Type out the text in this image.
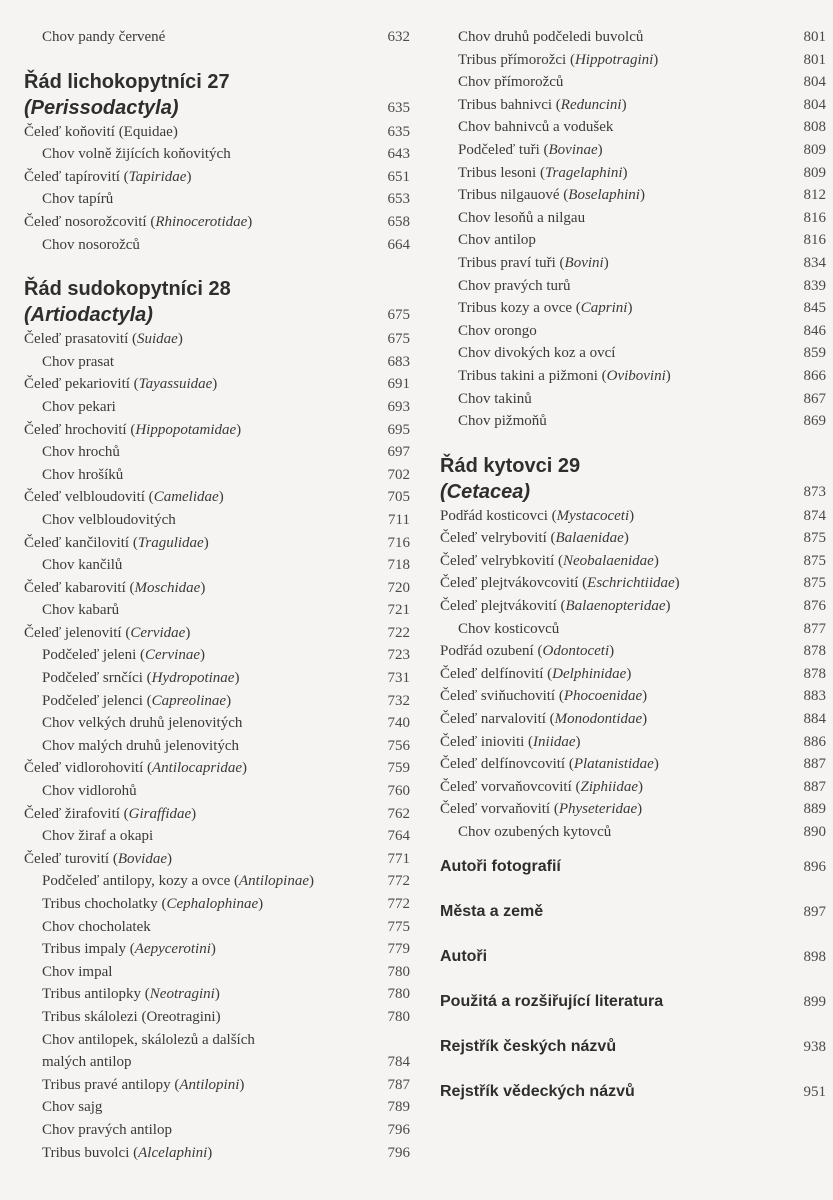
Chov pandy červené	632
Řád lichokopytníci 27
(Perissodactyla)	635
Čeleď koňovití (Equidae)	635
Chov volně žijících koňovitých	643
Čeleď tapírovití (Tapiridae)	651
Chov tapírů	653
Čeleď nosorožcovití (Rhinocerotidae)	658
Chov nosorožců	664
Řád sudokopytníci 28
(Artiodactyla)	675
Čeleď prasatovití (Suidae)	675
Chov prasat	683
Čeleď pekariovití (Tayassuidae)	691
Chov pekari	693
Čeleď hrochovití (Hippopotamidae)	695
Chov hrochů	697
Chov hrošíků	702
Čeleď velbloudovití (Camelidae)	705
Chov velbloudovitých	711
Čeleď kančilovití (Tragulidae)	716
Chov kančilů	718
Čeleď kabarovití (Moschidae)	720
Chov kabarů	721
Čeleď jelenovití (Cervidae)	722
Podčeleď jeleni (Cervinae)	723
Podčeleď srnčíci (Hydropotinae)	731
Podčeleď jelenci (Capreolinae)	732
Chov velkých druhů jelenovitých	740
Chov malých druhů jelenovitých	756
Čeleď vidlorohovití (Antilocapridae)	759
Chov vidlorohů	760
Čeleď žirafovití (Giraffidae)	762
Chov žiraf a okapi	764
Čeleď turovití (Bovidae)	771
Podčeleď antilopy, kozy a ovce (Antilopinae)	772
Tribus chocholatky (Cephalophinae)	772
Chov chocholatek	775
Tribus impaly (Aepycerotini)	779
Chov impal	780
Tribus antilopky (Neotragini)	780
Tribus skálolezi (Oreotragini)	780
Chov antilopek, skálolezů a dalších
malých antilop	784
Tribus pravé antilopy (Antilopini)	787
Chov sajg	789
Chov pravých antilop	796
Tribus buvolci (Alcelaphini)	796
Chov druhů podčeledi buvolců	801
Tribus přímorožci (Hippotragini)	801
Chov přímorožců	804
Tribus bahnivci (Reduncini)	804
Chov bahnivců a vodušek	808
Podčeleď tuři (Bovinae)	809
Tribus lesoni (Tragelaphini)	809
Tribus nilgauové (Boselaphini)	812
Chov lesoňů a nilgau	816
Chov antilop	816
Tribus praví tuři (Bovini)	834
Chov pravých turů	839
Tribus kozy a ovce (Caprini)	845
Chov orongo	846
Chov divokých koz a ovcí	859
Tribus takini a pižmoni (Ovibovini)	866
Chov takinů	867
Chov pižmoňů	869
Řád kytovci 29
(Cetacea)	873
Podřád kosticovci (Mystacoceti)	874
Čeleď velrybovití (Balaenidae)	875
Čeleď velrybkovití (Neobalaenidae)	875
Čeleď plejtvákovcovití (Eschrichtiidae)	875
Čeleď plejtvákovití (Balaenopteridae)	876
Chov kosticovců	877
Podřád ozubení (Odontoceti)	878
Čeleď delfínovití (Delphinidae)	878
Čeleď sviňuchovití (Phocoenidae)	883
Čeleď narvalovití (Monodontidae)	884
Čeleď inioviti (Iniidae)	886
Čeleď delfínovcovití (Platanistidae)	887
Čeleď vorvaňovcovití (Ziphiidae)	887
Čeleď vorvaňovití (Physeteridae)	889
Chov ozubených kytovců	890
Autoři fotografií	896
Města a země	897
Autoři	898
Použitá a rozšiřující literatura	899
Rejstřík českých názvů	938
Rejstřík vědeckých názvů	951
